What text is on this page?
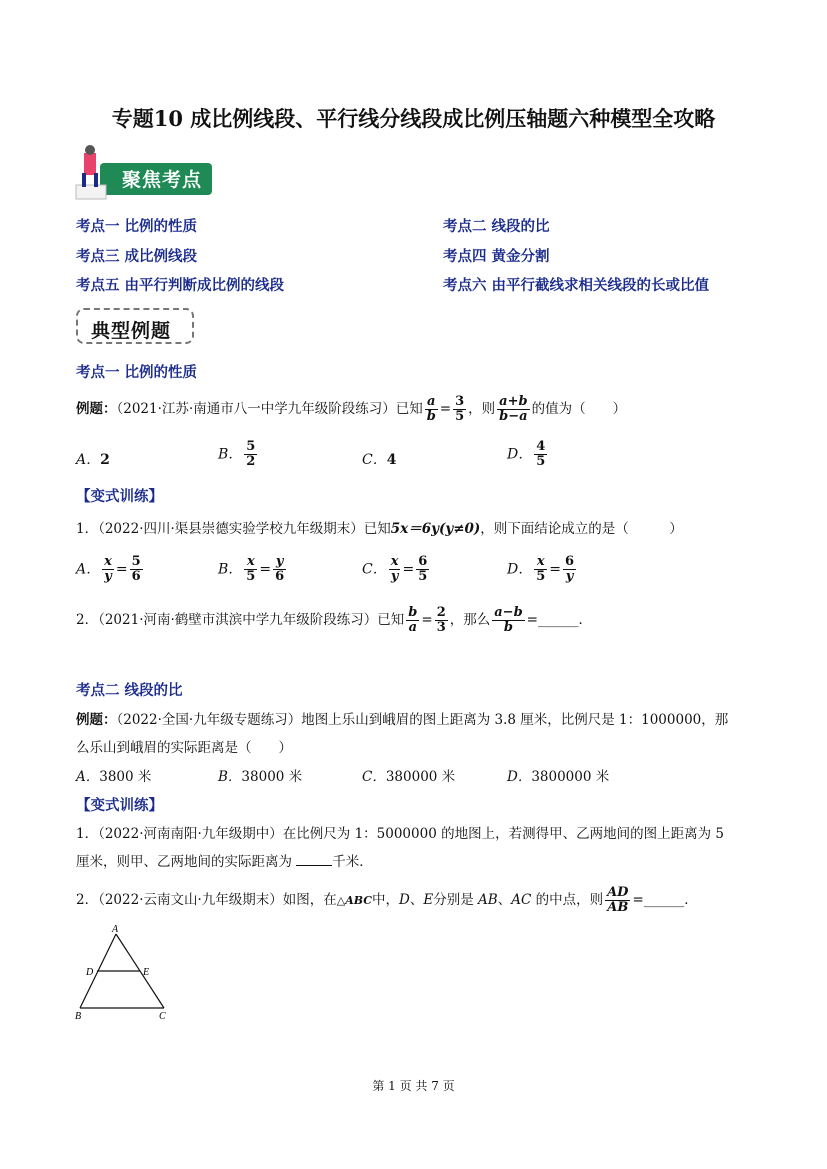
专题10 成比例线段、平行线分线段成比例压轴题六种模型全攻略
聚焦考点
考点一 比例的性质	考点二 线段的比
考点三 成比例线段	考点四 黄金分割
考点五 由平行判断成比例的线段	考点六 由平行截线求相关线段的长或比值
典型例题
考点一 比例的性质
例题：（2021·江苏·南通市八一中学九年级阶段练习）已知 $\frac{a}{b} = \frac{3}{5}$ ，则 $\frac{a+b}{b-a}$ 的值为（　　）
A．2	B． $\frac{5}{2}$	C．4	D． $\frac{4}{5}$
【变式训练】
1．（2022·四川·渠县崇德实验学校九年级期末）已知5x＝6y(y≠0)，则下面结论成立的是（　　　）
A． $\frac{x}{y} = \frac{5}{6}$	B． $\frac{x}{5} = \frac{y}{6}$	C． $\frac{x}{y} = \frac{6}{5}$	D． $\frac{x}{5} = \frac{6}{y}$
2．（2021·河南·鹤壁市淇滨中学九年级阶段练习）已知 $\frac{b}{a} = \frac{2}{3}$ ，那么 $\frac{a-b}{b}$ =______．
考点二 线段的比
例题：（2022·全国·九年级专题练习）地图上乐山到峨眉的图上距离为 3.8 厘米，比例尺是 1：1000000，那
么乐山到峨眉的实际距离是（　　）
A．3800 米	B．38000 米	C．380000 米	D．3800000 米
【变式训练】
1．（2022·河南南阳·九年级期中）在比例尺为 1：5000000 的地图上，若测得甲、乙两地间的图上距离为 5
厘米，则甲、乙两地间的实际距离为	千米．
2．（2022·云南文山·九年级期末）如图，在△ABC中，D、E分别是 AB、AC 的中点，则 $\frac{AD}{AB}$ =______．
A
D	E
B	C
第 1 页 共 7 页
